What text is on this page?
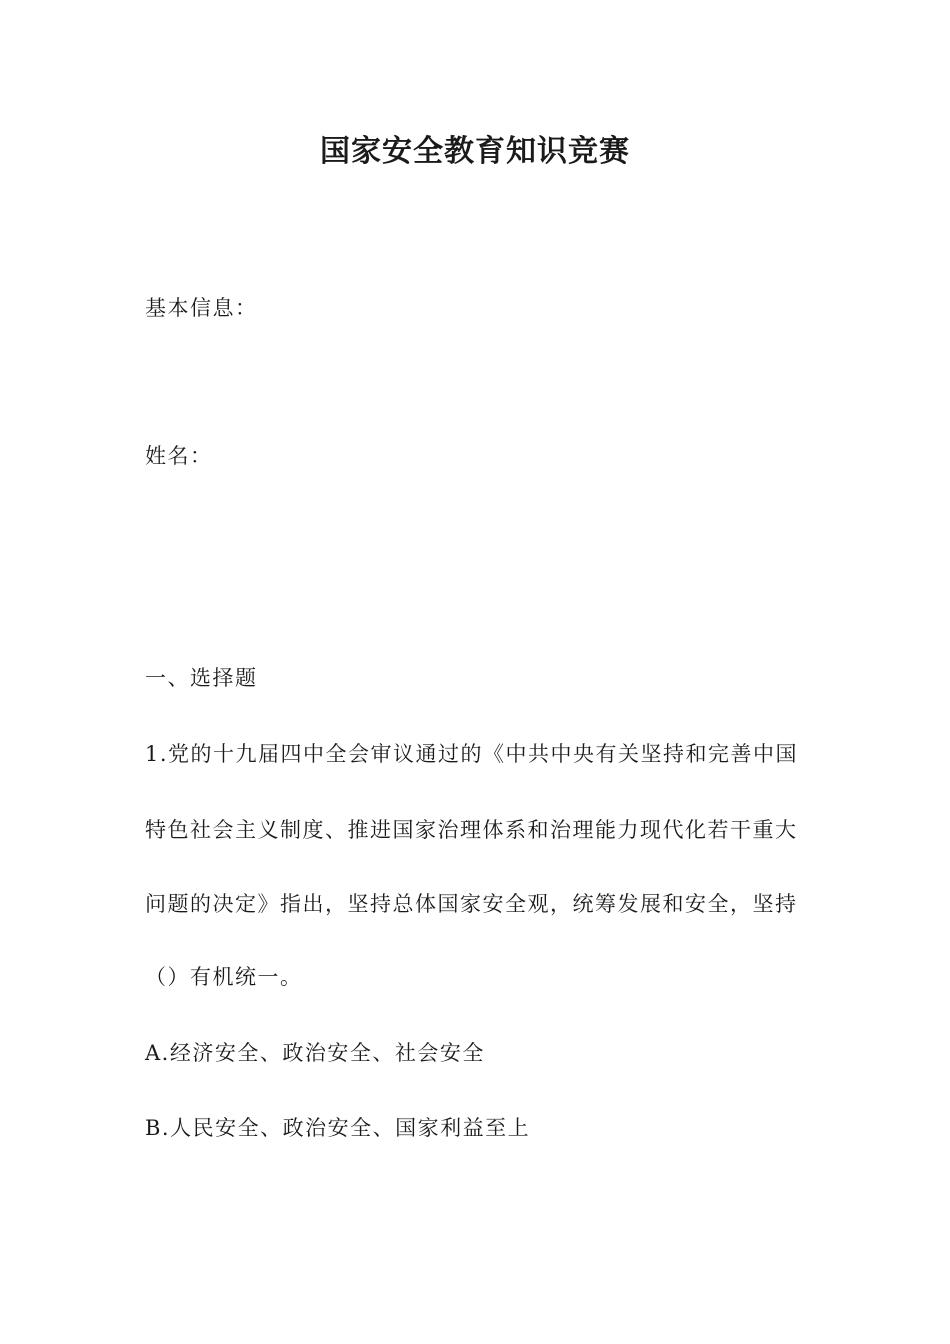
国家安全教育知识竞赛
基本信息：
姓名：
一、选择题
1.党的十九届四中全会审议通过的《中共中央有关坚持和完善中国
特色社会主义制度、推进国家治理体系和治理能力现代化若干重大
问题的决定》指出，坚持总体国家安全观，统筹发展和安全，坚持
（）有机统一。
A.经济安全、政治安全、社会安全
B.人民安全、政治安全、国家利益至上
